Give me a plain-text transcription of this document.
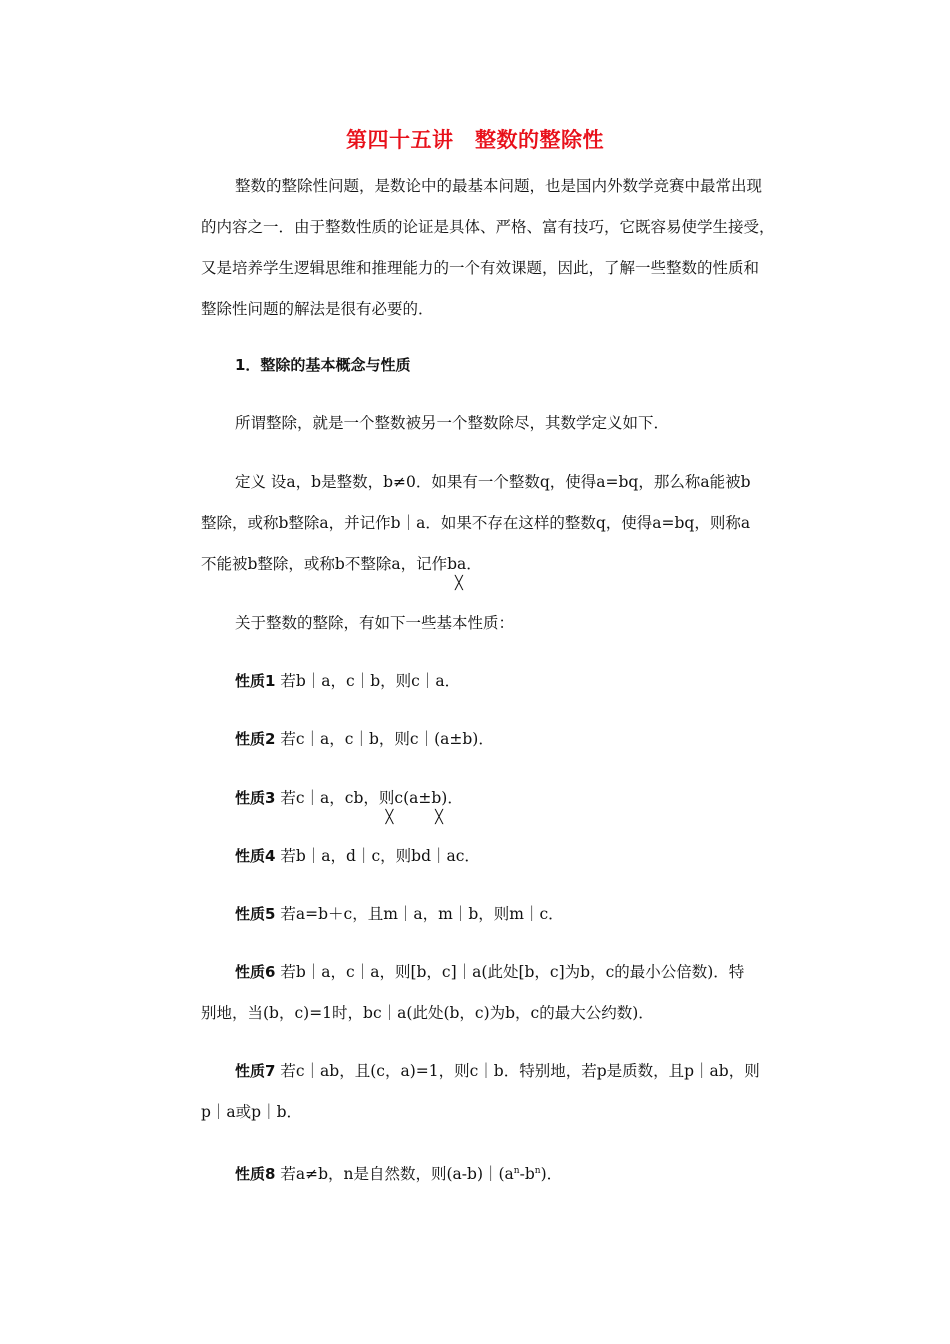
第四十五讲　整数的整除性
整数的整除性问题，是数论中的最基本问题，也是国内外数学竞赛中最常出现
的内容之一．由于整数性质的论证是具体、严格、富有技巧，它既容易使学生接受，
又是培养学生逻辑思维和推理能力的一个有效课题，因此，了解一些整数的性质和
整除性问题的解法是很有必要的．
1．整除的基本概念与性质
所谓整除，就是一个整数被另一个整数除尽，其数学定义如下．
定义 设a，b是整数，b≠0．如果有一个整数q，使得a=bq，那么称a能被b
整除，或称b整除a，并记作b｜a．如果不存在这样的整数q，使得a=bq，则称a
不能被b整除，或称b不整除a，记作b
╳
a．
关于整数的整除，有如下一些基本性质：
性质1 若b｜a，c｜b，则c｜a．
性质2 若c｜a，c｜b，则c｜(a±b)．
性质3 若c｜a，c
╳
b，则c
╳
(a±b)．
性质4 若b｜a，d｜c，则bd｜ac．
性质5 若a=b＋c，且m｜a，m｜b，则m｜c．
性质6 若b｜a，c｜a，则[b，c]｜a(此处[b，c]为b，c的最小公倍数)．特
别地，当(b，c)=1时，bc｜a(此处(b，c)为b，c的最大公约数)．
性质7 若c｜ab，且(c，a)=1，则c｜b．特别地，若p是质数，且p｜ab，则
p｜a或p｜b．
性质8 若a≠b，n是自然数，则$(a-b)|(a^n-b^n)$．
